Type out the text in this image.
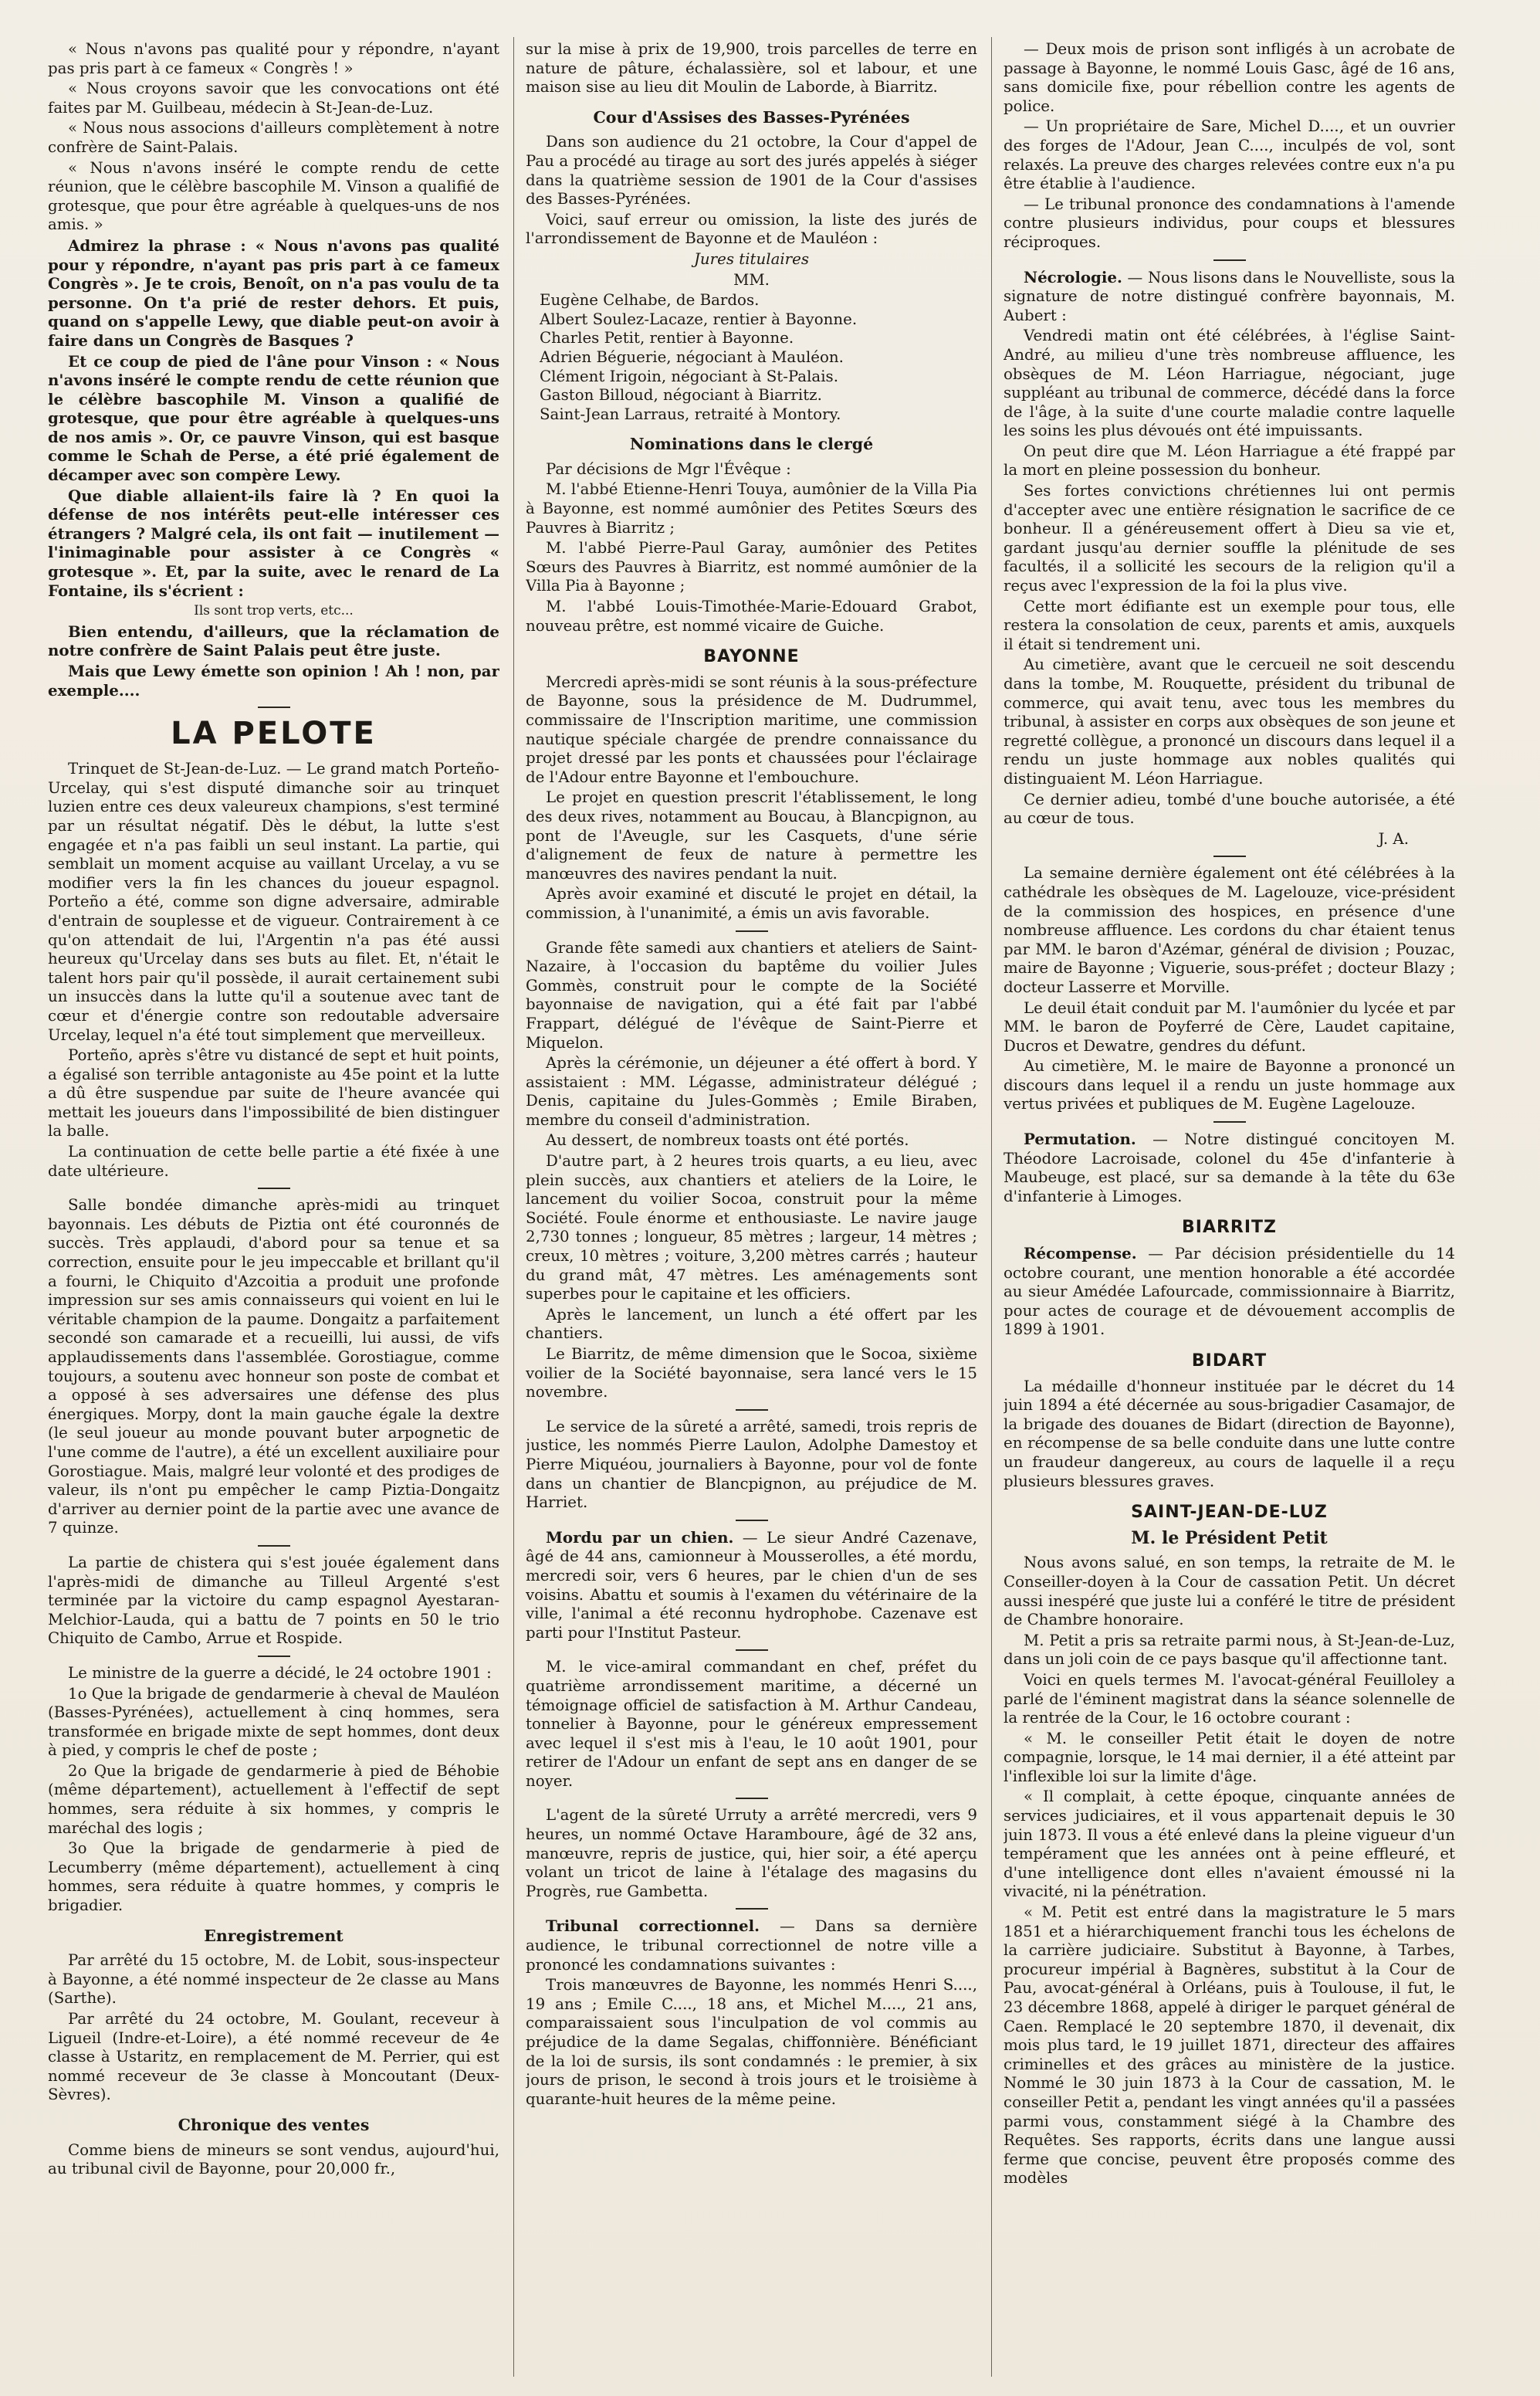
« Nous n'avons pas qualité pour y répondre, n'ayant pas pris part à ce fameux « Congrès ! »

« Nous croyons savoir que les convocations ont été faites par M. Guilbeau, médecin à St-Jean-de-Luz.

« Nous nous associons d'ailleurs complètement à notre confrère de Saint-Palais.

« Nous n'avons inséré le compte rendu de cette réunion, que le célèbre bascophile M. Vinson a qualifié de grotesque, que pour être agréable à quelques-uns de nos amis. »

Admirez la phrase : « Nous n'avons pas qualité pour y répondre, n'ayant pas pris part à ce fameux Congrès ». Je te crois, Benoît, on n'a pas voulu de ta personne. On t'a prié de rester dehors. Et puis, quand on s'appelle Lewy, que diable peut-on avoir à faire dans un Congrès de Basques ?

Et ce coup de pied de l'âne pour Vinson : « Nous n'avons inséré le compte rendu de cette réunion que le célèbre bascophile M. Vinson a qualifié de grotesque, que pour être agréable à quelques-uns de nos amis ». Or, ce pauvre Vinson, qui est basque comme le Schah de Perse, a été prié également de décamper avec son compère Lewy.

Que diable allaient-ils faire là ? En quoi la défense de nos intérêts peut-elle intéresser ces étrangers ? Malgré cela, ils ont fait — inutilement — l'inimaginable pour assister à ce Congrès « grotesque ». Et, par la suite, avec le renard de La Fontaine, ils s'écrient :

Ils sont trop verts, etc...

Bien entendu, d'ailleurs, que la réclamation de notre confrère de Saint Palais peut être juste.

Mais que Lewy émette son opinion ! Ah ! non, par exemple....

LA PELOTE

Trinquet de St-Jean-de-Luz. — Le grand match Porteño-Urcelay, qui s'est disputé dimanche soir au trinquet luzien entre ces deux valeureux champions, s'est terminé par un résultat négatif. Dès le début, la lutte s'est engagée et n'a pas faibli un seul instant. La partie, qui semblait un moment acquise au vaillant Urcelay, a vu se modifier vers la fin les chances du joueur espagnol. Porteño a été, comme son digne adversaire, admirable d'entrain de souplesse et de vigueur. Contrairement à ce qu'on attendait de lui, l'Argentin n'a pas été aussi heureux qu'Urcelay dans ses buts au filet. Et, n'était le talent hors pair qu'il possède, il aurait certainement subi un insuccès dans la lutte qu'il a soutenue avec tant de cœur et d'énergie contre son redoutable adversaire Urcelay, lequel n'a été tout simplement que merveilleux.

Porteño, après s'être vu distancé de sept et huit points, a égalisé son terrible antagoniste au 45e point et la lutte a dû être suspendue par suite de l'heure avancée qui mettait les joueurs dans l'impossibilité de bien distinguer la balle.

La continuation de cette belle partie a été fixée à une date ultérieure.

Salle bondée dimanche après-midi au trinquet bayonnais. Les débuts de Piztia ont été couronnés de succès. Très applaudi, d'abord pour sa tenue et sa correction, ensuite pour le jeu impeccable et brillant qu'il a fourni, le Chiquito d'Azcoitia a produit une profonde impression sur ses amis connaisseurs qui voient en lui le véritable champion de la paume. Dongaitz a parfaitement secondé son camarade et a recueilli, lui aussi, de vifs applaudissements dans l'assemblée. Gorostiague, comme toujours, a soutenu avec honneur son poste de combat et a opposé à ses adversaires une défense des plus énergiques. Morpy, dont la main gauche égale la dextre (le seul joueur au monde pouvant buter arpognetic de l'une comme de l'autre), a été un excellent auxiliaire pour Gorostiague. Mais, malgré leur volonté et des prodiges de valeur, ils n'ont pu empêcher le camp Piztia-Dongaitz d'arriver au dernier point de la partie avec une avance de 7 quinze.

La partie de chistera qui s'est jouée également dans l'après-midi de dimanche au Tilleul Argenté s'est terminée par la victoire du camp espagnol Ayestaran-Melchior-Lauda, qui a battu de 7 points en 50 le trio Chiquito de Cambo, Arrue et Rospide.

Le ministre de la guerre a décidé, le 24 octobre 1901 :

1o Que la brigade de gendarmerie à cheval de Mauléon (Basses-Pyrénées), actuellement à cinq hommes, sera transformée en brigade mixte de sept hommes, dont deux à pied, y compris le chef de poste ;

2o Que la brigade de gendarmerie à pied de Béhobie (même département), actuellement à l'effectif de sept hommes, sera réduite à six hommes, y compris le maréchal des logis ;

3o Que la brigade de gendarmerie à pied de Lecumberry (même département), actuellement à cinq hommes, sera réduite à quatre hommes, y compris le brigadier.

Enregistrement

Par arrêté du 15 octobre, M. de Lobit, sous-inspecteur à Bayonne, a été nommé inspecteur de 2e classe au Mans (Sarthe).

Par arrêté du 24 octobre, M. Goulant, receveur à Ligueil (Indre-et-Loire), a été nommé receveur de 4e classe à Ustaritz, en remplacement de M. Perrier, qui est nommé receveur de 3e classe à Moncoutant (Deux-Sèvres).

Chronique des ventes

Comme biens de mineurs se sont vendus, aujourd'hui, au tribunal civil de Bayonne, pour 20,000 fr.,

sur la mise à prix de 19,900, trois parcelles de terre en nature de pâture, échalassière, sol et labour, et une maison sise au lieu dit Moulin de Laborde, à Biarritz.

Cour d'Assises des Basses-Pyrénées

Dans son audience du 21 octobre, la Cour d'appel de Pau a procédé au tirage au sort des jurés appelés à siéger dans la quatrième session de 1901 de la Cour d'assises des Basses-Pyrénées.

Voici, sauf erreur ou omission, la liste des jurés de l'arrondissement de Bayonne et de Mauléon :

Jures titulaires

MM.

Eugène Celhabe, de Bardos.
Albert Soulez-Lacaze, rentier à Bayonne.
Charles Petit, rentier à Bayonne.
Adrien Béguerie, négociant à Mauléon.
Clément Irigoin, négociant à St-Palais.
Gaston Billoud, négociant à Biarritz.
Saint-Jean Larraus, retraité à Montory.
Nominations dans le clergé

Par décisions de Mgr l'Évêque :

M. l'abbé Etienne-Henri Touya, aumônier de la Villa Pia à Bayonne, est nommé aumônier des Petites Sœurs des Pauvres à Biarritz ;

M. l'abbé Pierre-Paul Garay, aumônier des Petites Sœurs des Pauvres à Biarritz, est nommé aumônier de la Villa Pia à Bayonne ;

M. l'abbé Louis-Timothée-Marie-Edouard Grabot, nouveau prêtre, est nommé vicaire de Guiche.

BAYONNE

Mercredi après-midi se sont réunis à la sous-préfecture de Bayonne, sous la présidence de M. Dudrummel, commissaire de l'Inscription maritime, une commission nautique spéciale chargée de prendre connaissance du projet dressé par les ponts et chaussées pour l'éclairage de l'Adour entre Bayonne et l'embouchure.

Le projet en question prescrit l'établissement, le long des deux rives, notamment au Boucau, à Blancpignon, au pont de l'Aveugle, sur les Casquets, d'une série d'alignement de feux de nature à permettre les manœuvres des navires pendant la nuit.

Après avoir examiné et discuté le projet en détail, la commission, à l'unanimité, a émis un avis favorable.

Grande fête samedi aux chantiers et ateliers de Saint-Nazaire, à l'occasion du baptême du voilier Jules Gommès, construit pour le compte de la Société bayonnaise de navigation, qui a été fait par l'abbé Frappart, délégué de l'évêque de Saint-Pierre et Miquelon.

Après la cérémonie, un déjeuner a été offert à bord. Y assistaient : MM. Légasse, administrateur délégué ; Denis, capitaine du Jules-Gommès ; Emile Biraben, membre du conseil d'administration.

Au dessert, de nombreux toasts ont été portés.

D'autre part, à 2 heures trois quarts, a eu lieu, avec plein succès, aux chantiers et ateliers de la Loire, le lancement du voilier Socoa, construit pour la même Société. Foule énorme et enthousiaste. Le navire jauge 2,730 tonnes ; longueur, 85 mètres ; largeur, 14 mètres ; creux, 10 mètres ; voiture, 3,200 mètres carrés ; hauteur du grand mât, 47 mètres. Les aménagements sont superbes pour le capitaine et les officiers.

Après le lancement, un lunch a été offert par les chantiers.

Le Biarritz, de même dimension que le Socoa, sixième voilier de la Société bayonnaise, sera lancé vers le 15 novembre.

Le service de la sûreté a arrêté, samedi, trois repris de justice, les nommés Pierre Laulon, Adolphe Damestoy et Pierre Miquéou, journaliers à Bayonne, pour vol de fonte dans un chantier de Blancpignon, au préjudice de M. Harriet.

Mordu par un chien. — Le sieur André Cazenave, âgé de 44 ans, camionneur à Mousserolles, a été mordu, mercredi soir, vers 6 heures, par le chien d'un de ses voisins. Abattu et soumis à l'examen du vétérinaire de la ville, l'animal a été reconnu hydrophobe. Cazenave est parti pour l'Institut Pasteur.

M. le vice-amiral commandant en chef, préfet du quatrième arrondissement maritime, a décerné un témoignage officiel de satisfaction à M. Arthur Candeau, tonnelier à Bayonne, pour le généreux empressement avec lequel il s'est mis à l'eau, le 10 août 1901, pour retirer de l'Adour un enfant de sept ans en danger de se noyer.

L'agent de la sûreté Urruty a arrêté mercredi, vers 9 heures, un nommé Octave Haramboure, âgé de 32 ans, manœuvre, repris de justice, qui, hier soir, a été aperçu volant un tricot de laine à l'étalage des magasins du Progrès, rue Gambetta.

Tribunal correctionnel. — Dans sa dernière audience, le tribunal correctionnel de notre ville a prononcé les condamnations suivantes :

Trois manœuvres de Bayonne, les nommés Henri S...., 19 ans ; Emile C...., 18 ans, et Michel M...., 21 ans, comparaissaient sous l'inculpation de vol commis au préjudice de la dame Segalas, chiffonnière. Bénéficiant de la loi de sursis, ils sont condamnés : le premier, à six jours de prison, le second à trois jours et le troisième à quarante-huit heures de la même peine.

— Deux mois de prison sont infligés à un acrobate de passage à Bayonne, le nommé Louis Gasc, âgé de 16 ans, sans domicile fixe, pour rébellion contre les agents de police.

— Un propriétaire de Sare, Michel D...., et un ouvrier des forges de l'Adour, Jean C...., inculpés de vol, sont relaxés. La preuve des charges relevées contre eux n'a pu être établie à l'audience.

— Le tribunal prononce des condamnations à l'amende contre plusieurs individus, pour coups et blessures réciproques.

Nécrologie. — Nous lisons dans le Nouvelliste, sous la signature de notre distingué confrère bayonnais, M. Aubert :

Vendredi matin ont été célébrées, à l'église Saint-André, au milieu d'une très nombreuse affluence, les obsèques de M. Léon Harriague, négociant, juge suppléant au tribunal de commerce, décédé dans la force de l'âge, à la suite d'une courte maladie contre laquelle les soins les plus dévoués ont été impuissants.

On peut dire que M. Léon Harriague a été frappé par la mort en pleine possession du bonheur.

Ses fortes convictions chrétiennes lui ont permis d'accepter avec une entière résignation le sacrifice de ce bonheur. Il a généreusement offert à Dieu sa vie et, gardant jusqu'au dernier souffle la plénitude de ses facultés, il a sollicité les secours de la religion qu'il a reçus avec l'expression de la foi la plus vive.

Cette mort édifiante est un exemple pour tous, elle restera la consolation de ceux, parents et amis, auxquels il était si tendrement uni.

Au cimetière, avant que le cercueil ne soit descendu dans la tombe, M. Rouquette, président du tribunal de commerce, qui avait tenu, avec tous les membres du tribunal, à assister en corps aux obsèques de son jeune et regretté collègue, a prononcé un discours dans lequel il a rendu un juste hommage aux nobles qualités qui distinguaient M. Léon Harriague.

Ce dernier adieu, tombé d'une bouche autorisée, a été au cœur de tous.

J. A.

La semaine dernière également ont été célébrées à la cathédrale les obsèques de M. Lagelouze, vice-président de la commission des hospices, en présence d'une nombreuse affluence. Les cordons du char étaient tenus par MM. le baron d'Azémar, général de division ; Pouzac, maire de Bayonne ; Viguerie, sous-préfet ; docteur Blazy ; docteur Lasserre et Morville.

Le deuil était conduit par M. l'aumônier du lycée et par MM. le baron de Poyferré de Cère, Laudet capitaine, Ducros et Dewatre, gendres du défunt.

Au cimetière, M. le maire de Bayonne a prononcé un discours dans lequel il a rendu un juste hommage aux vertus privées et publiques de M. Eugène Lagelouze.

Permutation. — Notre distingué concitoyen M. Théodore Lacroisade, colonel du 45e d'infanterie à Maubeuge, est placé, sur sa demande à la tête du 63e d'infanterie à Limoges.

BIARRITZ

Récompense. — Par décision présidentielle du 14 octobre courant, une mention honorable a été accordée au sieur Amédée Lafourcade, commissionnaire à Biarritz, pour actes de courage et de dévouement accomplis de 1899 à 1901.

BIDART

La médaille d'honneur instituée par le décret du 14 juin 1894 a été décernée au sous-brigadier Casamajor, de la brigade des douanes de Bidart (direction de Bayonne), en récompense de sa belle conduite dans une lutte contre un fraudeur dangereux, au cours de laquelle il a reçu plusieurs blessures graves.

SAINT-JEAN-DE-LUZ
M. le Président Petit

Nous avons salué, en son temps, la retraite de M. le Conseiller-doyen à la Cour de cassation Petit. Un décret aussi inespéré que juste lui a conféré le titre de président de Chambre honoraire.

M. Petit a pris sa retraite parmi nous, à St-Jean-de-Luz, dans un joli coin de ce pays basque qu'il affectionne tant.

Voici en quels termes M. l'avocat-général Feuilloley a parlé de l'éminent magistrat dans la séance solennelle de la rentrée de la Cour, le 16 octobre courant :

« M. le conseiller Petit était le doyen de notre compagnie, lorsque, le 14 mai dernier, il a été atteint par l'inflexible loi sur la limite d'âge.

« Il complait, à cette époque, cinquante années de services judiciaires, et il vous appartenait depuis le 30 juin 1873. Il vous a été enlevé dans la pleine vigueur d'un tempérament que les années ont à peine effleuré, et d'une intelligence dont elles n'avaient émoussé ni la vivacité, ni la pénétration.

« M. Petit est entré dans la magistrature le 5 mars 1851 et a hiérarchiquement franchi tous les échelons de la carrière judiciaire. Substitut à Bayonne, à Tarbes, procureur impérial à Bagnères, substitut à la Cour de Pau, avocat-général à Orléans, puis à Toulouse, il fut, le 23 décembre 1868, appelé à diriger le parquet général de Caen. Remplacé le 20 septembre 1870, il devenait, dix mois plus tard, le 19 juillet 1871, directeur des affaires criminelles et des grâces au ministère de la justice. Nommé le 30 juin 1873 à la Cour de cassation, M. le conseiller Petit a, pendant les vingt années qu'il a passées parmi vous, constamment siégé à la Chambre des Requêtes. Ses rapports, écrits dans une langue aussi ferme que concise, peuvent être proposés comme des modèles
